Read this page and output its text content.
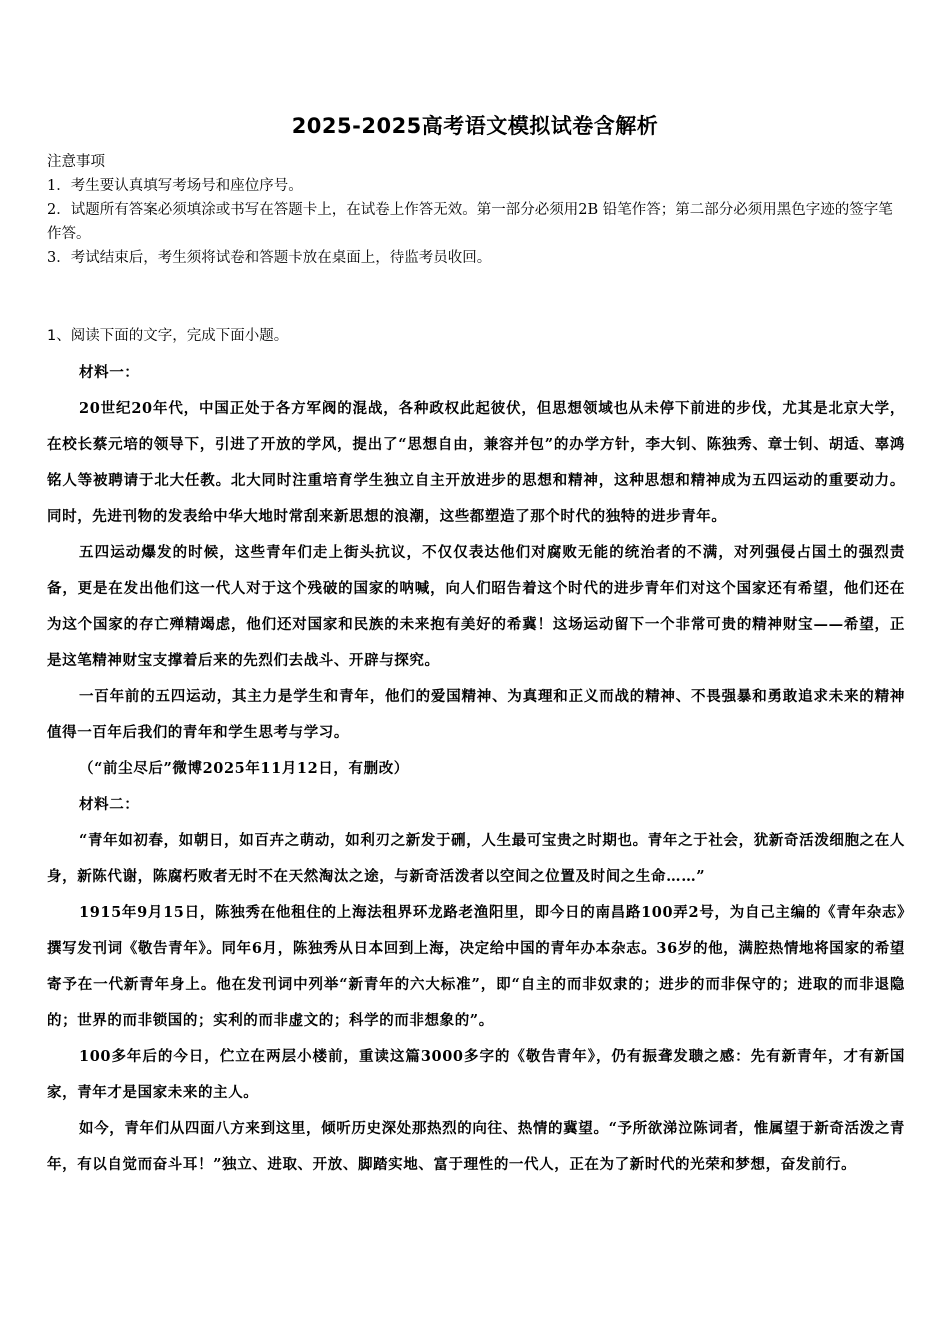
2025-2025高考语文模拟试卷含解析

注意事项

1．考生要认真填写考场号和座位序号。

2．试题所有答案必须填涂或书写在答题卡上，在试卷上作答无效。第一部分必须用2B 铅笔作答；第二部分必须用黑色字迹的签字笔作答。

3．考试结束后，考生须将试卷和答题卡放在桌面上，待监考员收回。

1、阅读下面的文字，完成下面小题。

材料一：

20世纪20年代，中国正处于各方军阀的混战，各种政权此起彼伏，但思想领域也从未停下前进的步伐，尤其是北京大学，在校长蔡元培的领导下，引进了开放的学风，提出了“思想自由，兼容并包”的办学方针，李大钊、陈独秀、章士钊、胡适、辜鸿铭人等被聘请于北大任教。北大同时注重培育学生独立自主开放进步的思想和精神，这种思想和精神成为五四运动的重要动力。同时，先进刊物的发表给中华大地时常刮来新思想的浪潮，这些都塑造了那个时代的独特的进步青年。

五四运动爆发的时候，这些青年们走上街头抗议，不仅仅表达他们对腐败无能的统治者的不满，对列强侵占国土的强烈责备，更是在发出他们这一代人对于这个残破的国家的呐喊，向人们昭告着这个时代的进步青年们对这个国家还有希望，他们还在为这个国家的存亡殚精竭虑，他们还对国家和民族的未来抱有美好的希冀！这场运动留下一个非常可贵的精神财宝——希望，正是这笔精神财宝支撑着后来的先烈们去战斗、开辟与探究。

一百年前的五四运动，其主力是学生和青年，他们的爱国精神、为真理和正义而战的精神、不畏强暴和勇敢追求未来的精神值得一百年后我们的青年和学生思考与学习。

（“前尘尽后”微博2025年11月12日，有删改）

材料二：

“青年如初春，如朝日，如百卉之萌动，如利刃之新发于硎，人生最可宝贵之时期也。青年之于社会，犹新奇活泼细胞之在人身，新陈代谢，陈腐朽败者无时不在天然淘汰之途，与新奇活泼者以空间之位置及时间之生命……”

1915年9月15日，陈独秀在他租住的上海法租界环龙路老渔阳里，即今日的南昌路100弄2号，为自己主编的《青年杂志》撰写发刊词《敬告青年》。同年6月，陈独秀从日本回到上海，决定给中国的青年办本杂志。36岁的他，满腔热情地将国家的希望寄予在一代新青年身上。他在发刊词中列举“新青年的六大标准”，即“自主的而非奴隶的；进步的而非保守的；进取的而非退隐的；世界的而非锁国的；实利的而非虚文的；科学的而非想象的”。

100多年后的今日，伫立在两层小楼前，重读这篇3000多字的《敬告青年》，仍有振聋发聩之感：先有新青年，才有新国家，青年才是国家未来的主人。

如今，青年们从四面八方来到这里，倾听历史深处那热烈的向往、热情的冀望。“予所欲涕泣陈词者，惟属望于新奇活泼之青年，有以自觉而奋斗耳！”独立、进取、开放、脚踏实地、富于理性的一代人，正在为了新时代的光荣和梦想，奋发前行。
